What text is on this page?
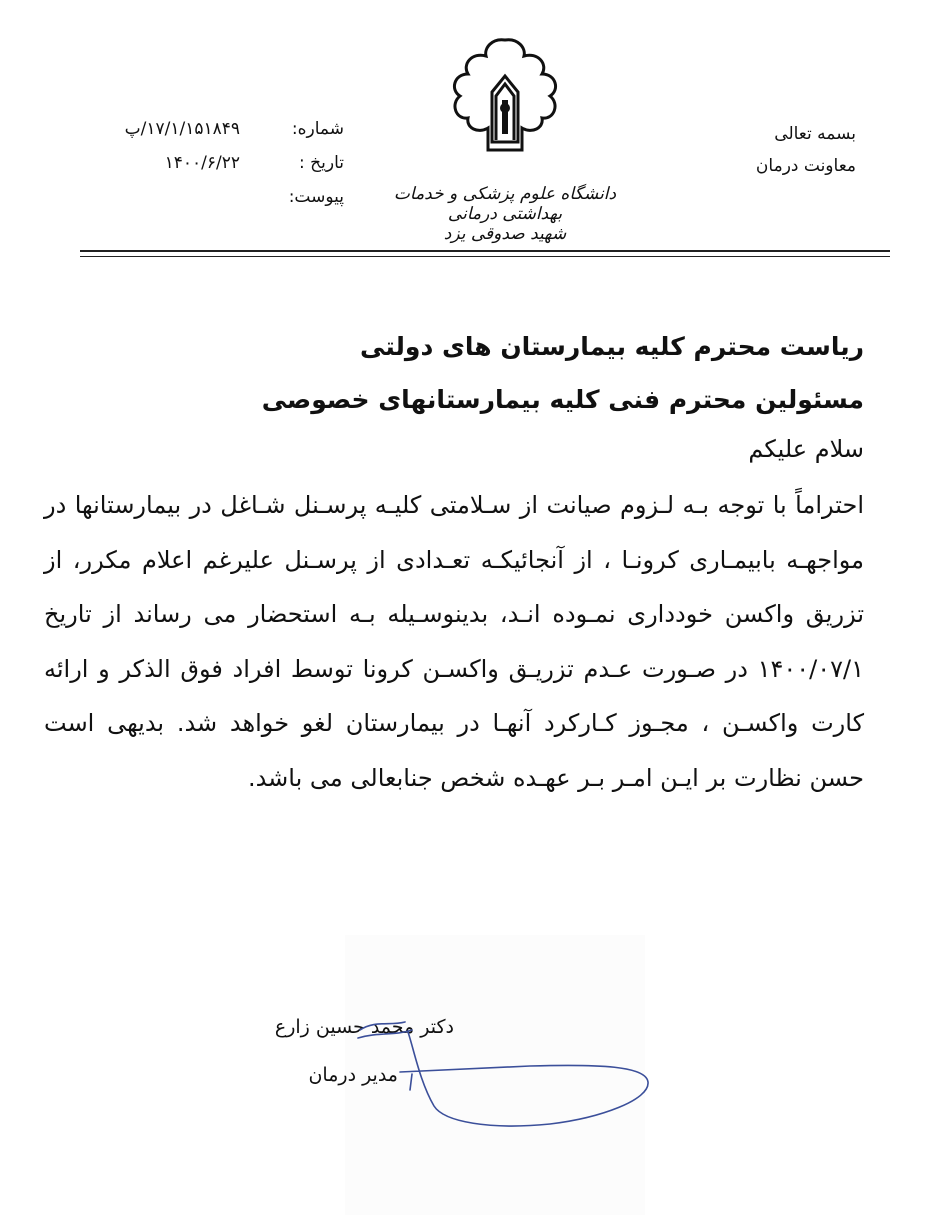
بسمه تعالی
معاونت درمان
دانشگاه علوم پزشکی و خدمات بهداشتی درمانی
شهید صدوقی یزد
شماره:
تاریخ :
پیوست:
۱۷/۱/۱۵۱۸۴۹/پ
۱۴۰۰/۶/۲۲
ریاست محترم کلیه بیمارستان های دولتی
مسئولین محترم فنی کلیه بیمارستانهای خصوصی
سلام علیکم
احتراماً با توجه بـه لـزوم صیانت از سـلامتی کلیـه پرسـنل شـاغل در بیمارستانها در مواجهـه بابیمـاری کرونـا ، از آنجائیکـه تعـدادی از پرسـنل علیرغم اعلام مکرر، از تزریق واکسن خودداری نمـوده انـد، بدینوسـیله بـه استحضار می رساند از تاریخ ۱۴۰۰/۰۷/۱ در صـورت عـدم تزریـق واکسـن کرونا توسط افراد فوق الذکر و ارائه کارت واکسـن ، مجـوز کـارکرد آنهـا در بیمارستان لغو خواهد شد. بدیهی است حسن نظارت بر ایـن امـر بـر عهـده شخص جنابعالی می باشد.
دکتر محمد حسین زارع
مدیر درمان
